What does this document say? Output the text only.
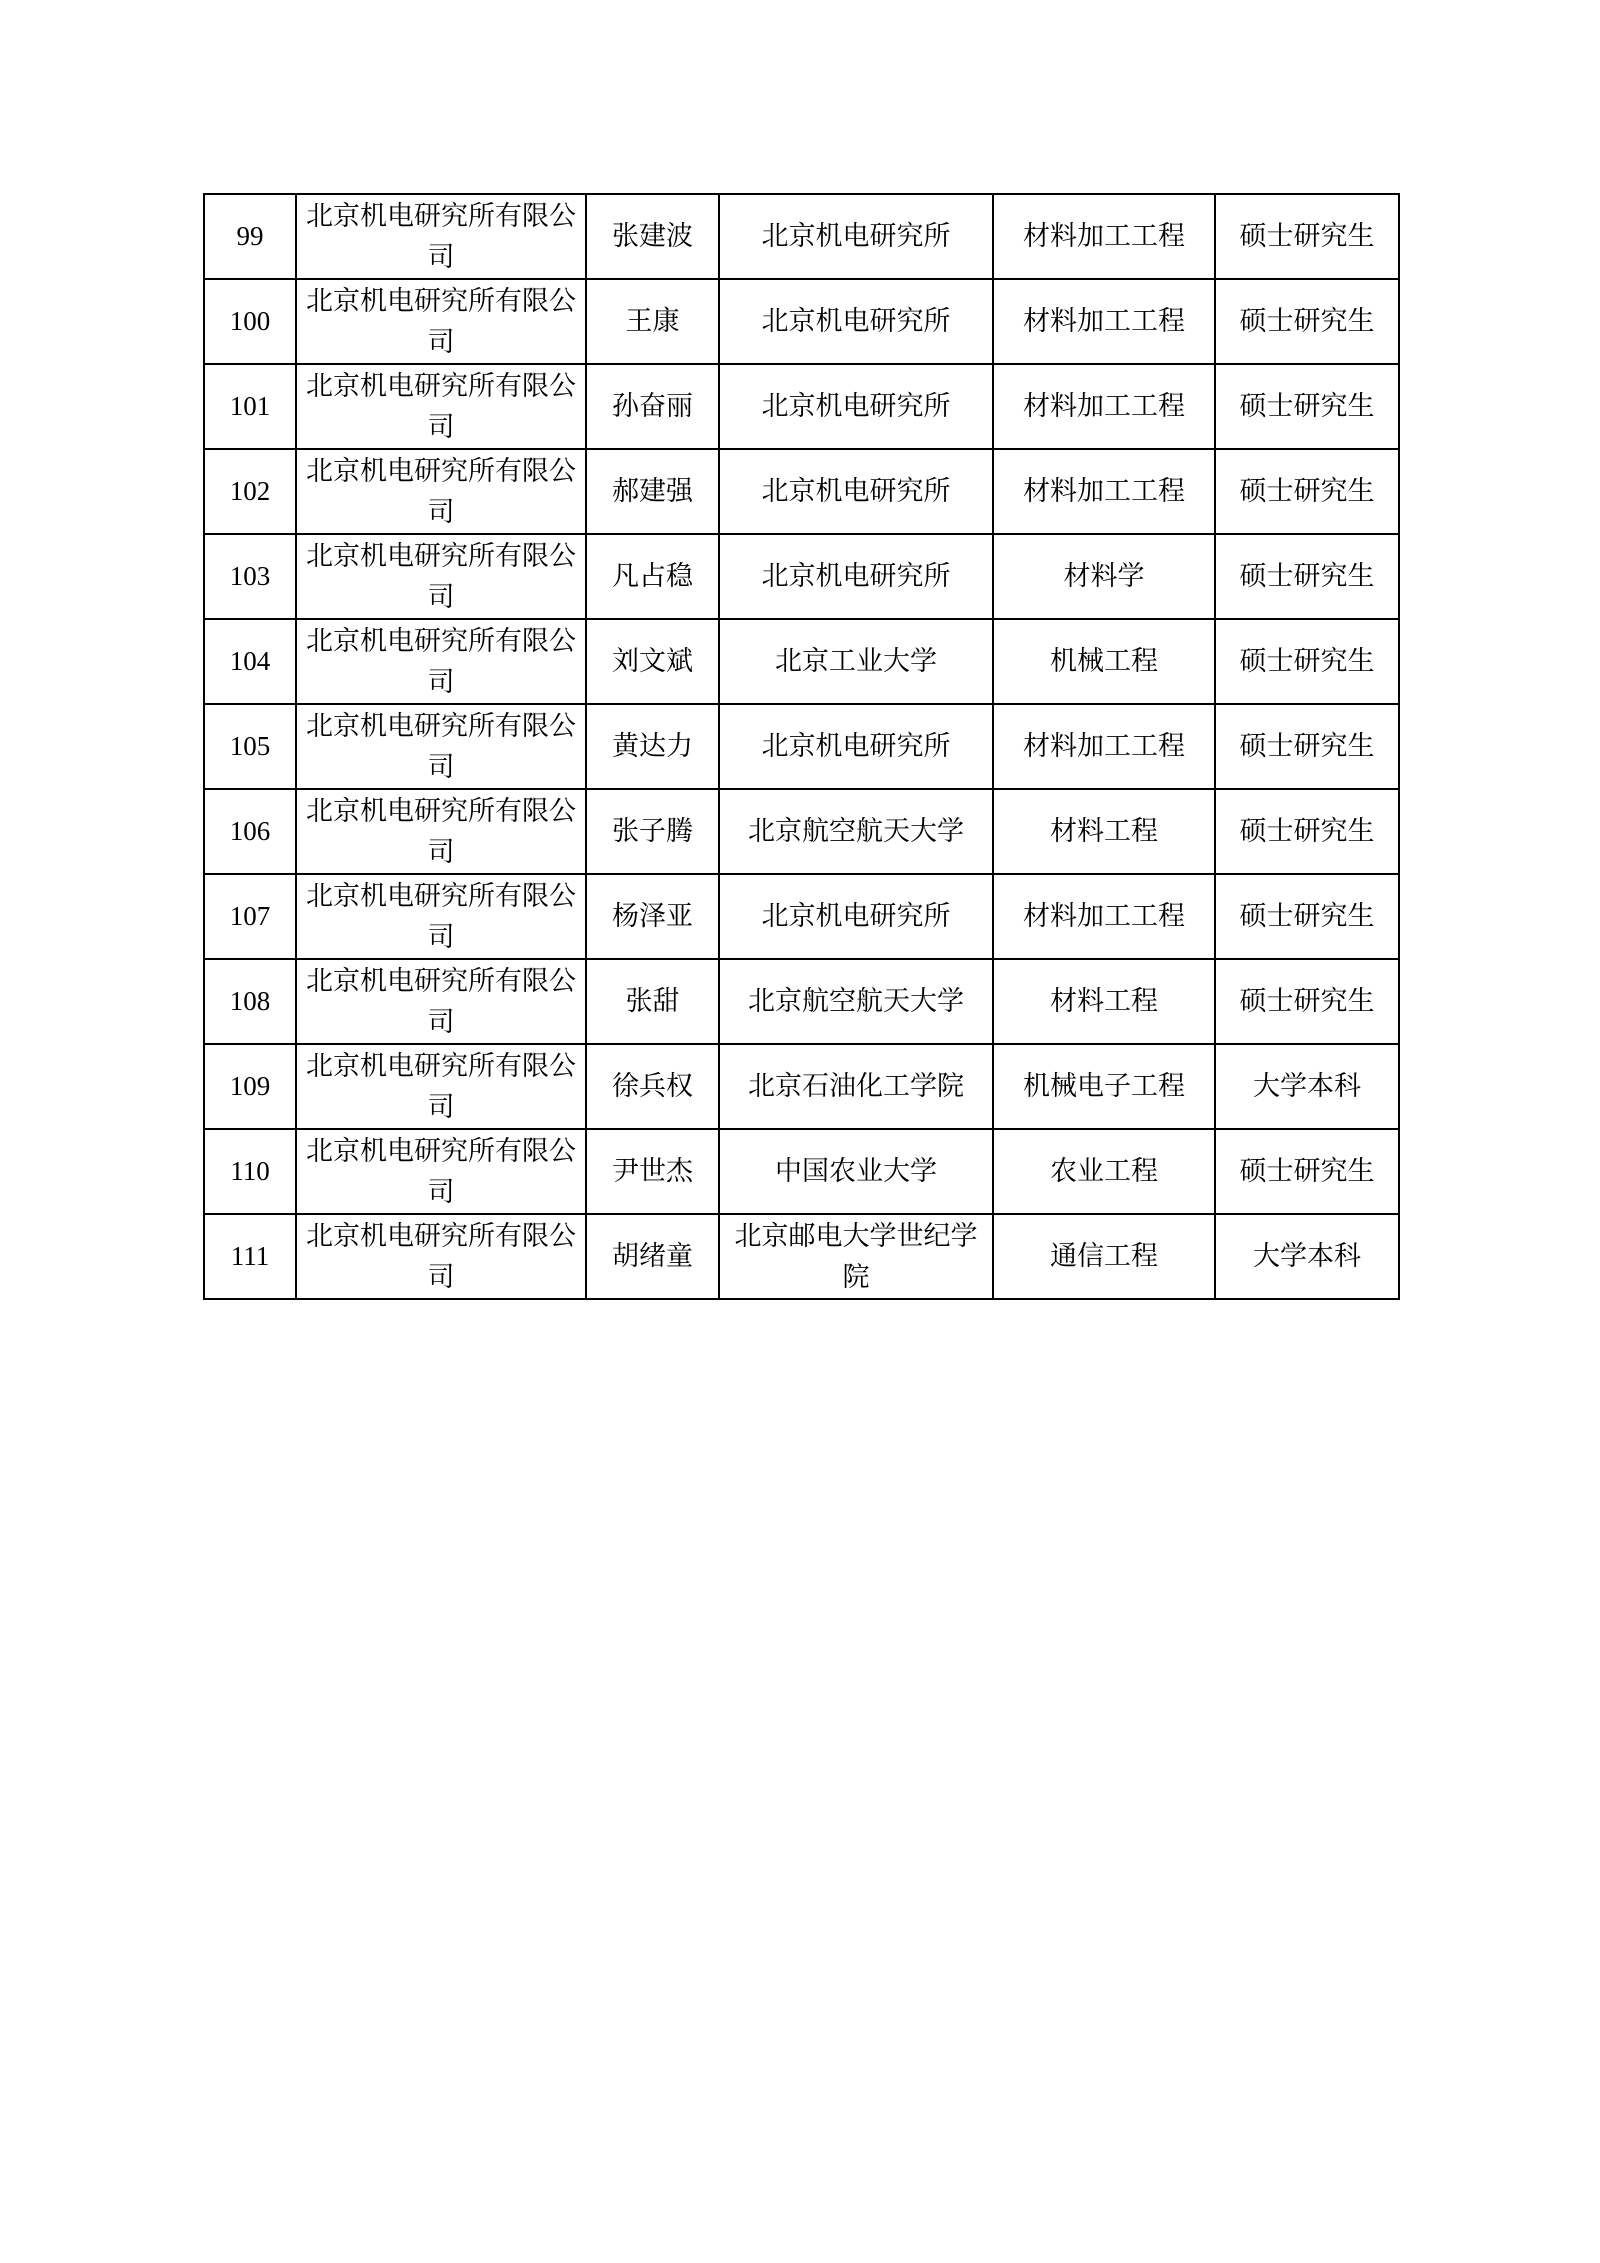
99	北京机电研究所有限公司	张建波	北京机电研究所	材料加工工程	硕士研究生
100	北京机电研究所有限公司	王康	北京机电研究所	材料加工工程	硕士研究生
101	北京机电研究所有限公司	孙奋丽	北京机电研究所	材料加工工程	硕士研究生
102	北京机电研究所有限公司	郝建强	北京机电研究所	材料加工工程	硕士研究生
103	北京机电研究所有限公司	凡占稳	北京机电研究所	材料学	硕士研究生
104	北京机电研究所有限公司	刘文斌	北京工业大学	机械工程	硕士研究生
105	北京机电研究所有限公司	黄达力	北京机电研究所	材料加工工程	硕士研究生
106	北京机电研究所有限公司	张子腾	北京航空航天大学	材料工程	硕士研究生
107	北京机电研究所有限公司	杨泽亚	北京机电研究所	材料加工工程	硕士研究生
108	北京机电研究所有限公司	张甜	北京航空航天大学	材料工程	硕士研究生
109	北京机电研究所有限公司	徐兵权	北京石油化工学院	机械电子工程	大学本科
110	北京机电研究所有限公司	尹世杰	中国农业大学	农业工程	硕士研究生
111	北京机电研究所有限公司	胡绪童	北京邮电大学世纪学院	通信工程	大学本科
